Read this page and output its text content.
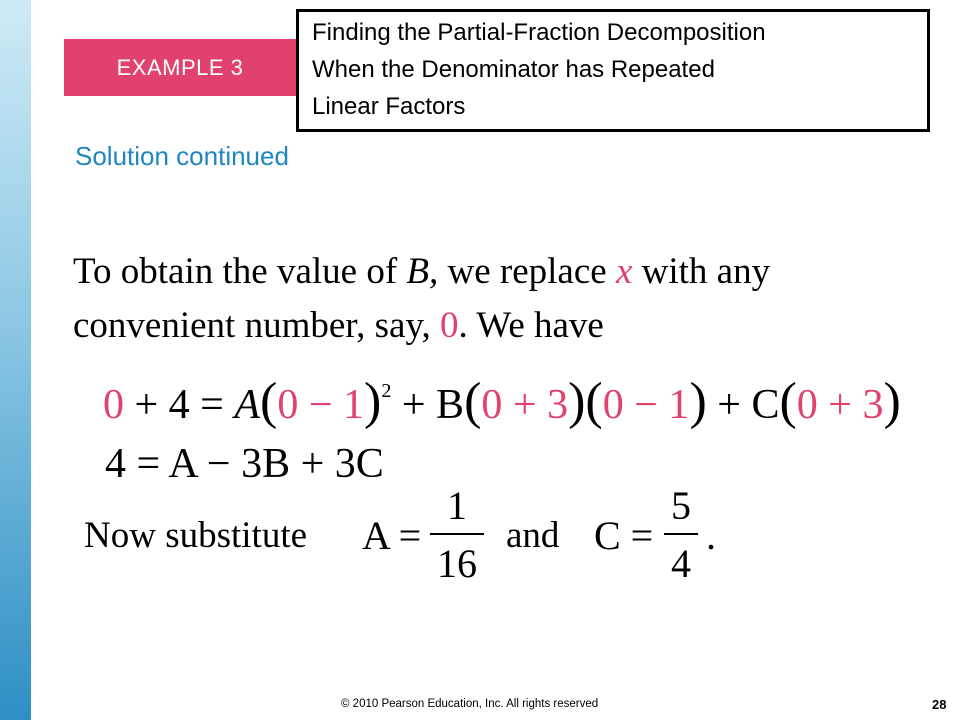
EXAMPLE 3
Finding the Partial-Fraction Decomposition
When the Denominator has Repeated
Linear Factors
Solution continued
To obtain the value of B, we replace x with any
convenient number, say, 0. We have
$0 + 4 = A(0 - 1)^2 + B(0 + 3)(0 - 1) + C(0 + 3)$
4 = A − 3B + 3C
Now substitute A =
1
16
and C =
5
4
.
© 2010 Pearson Education, Inc. All rights reserved	28
